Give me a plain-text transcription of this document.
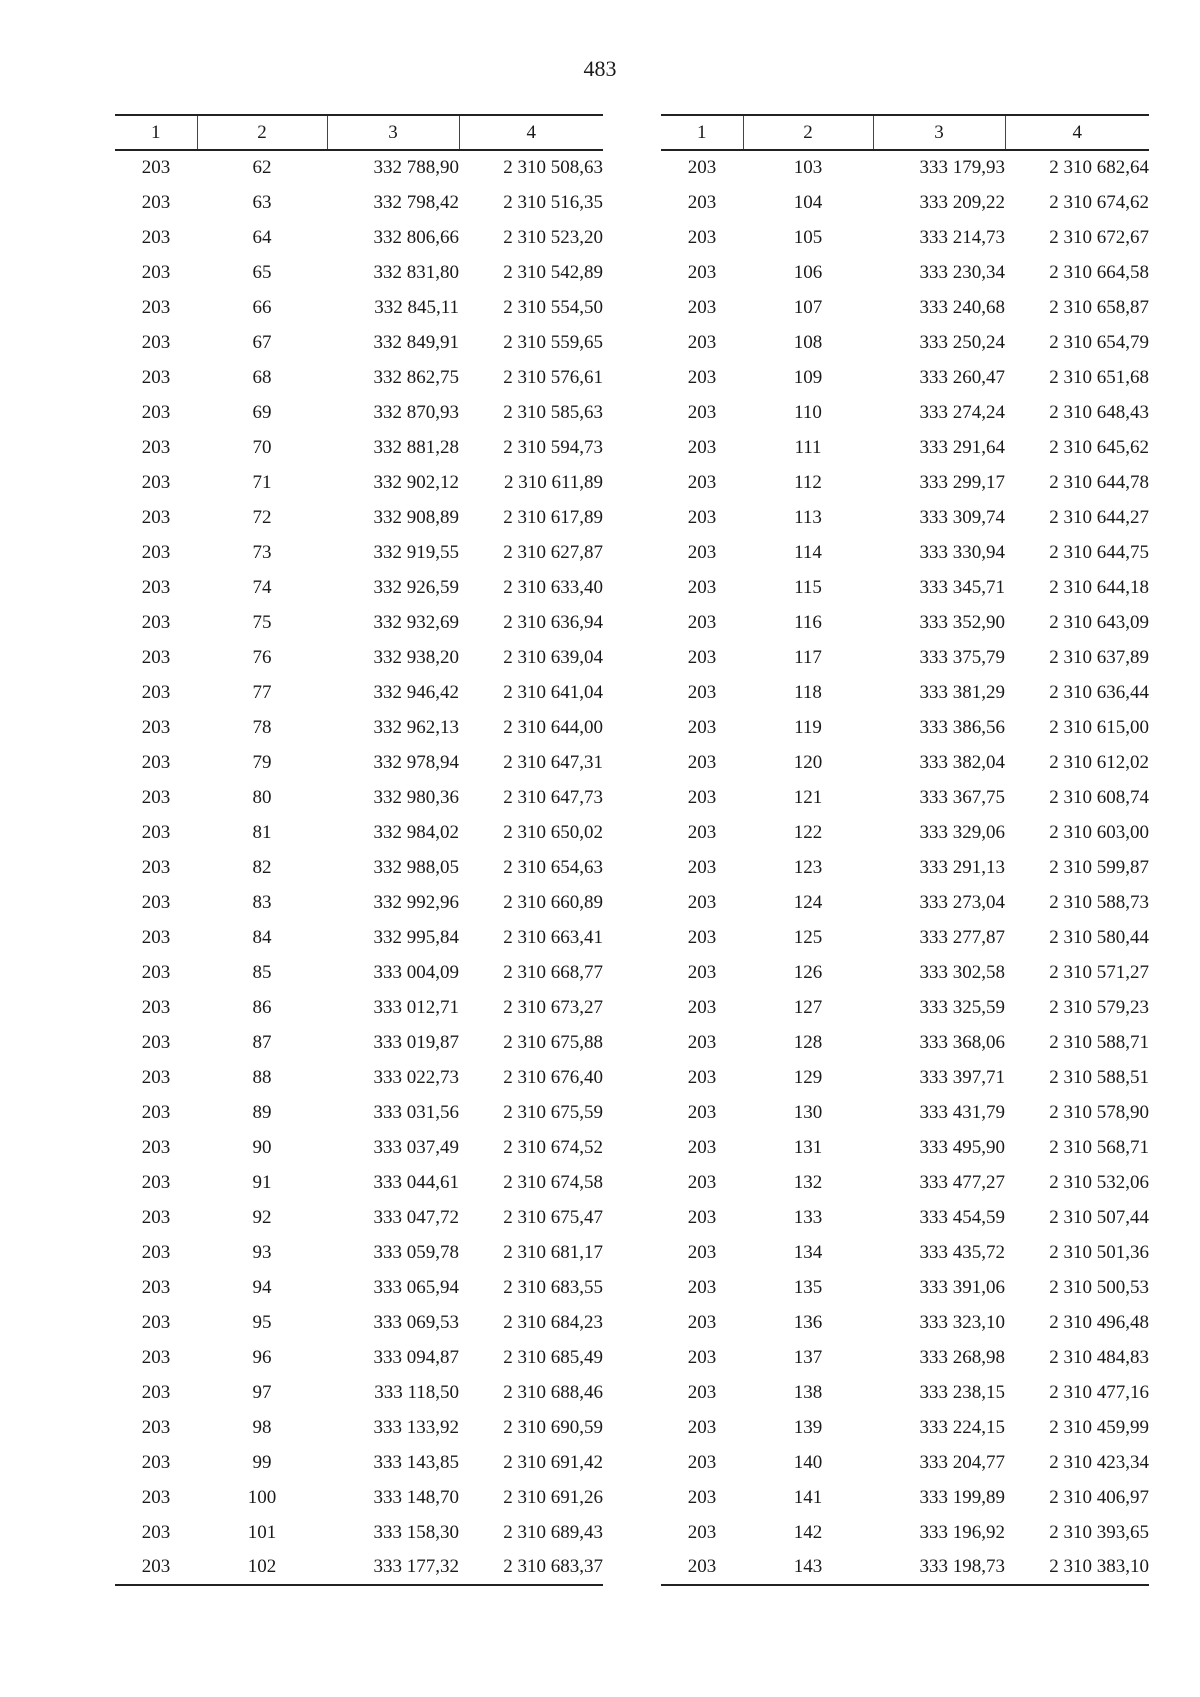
483
1	2	3	4
203	62	332 788,90	2 310 508,63
203	63	332 798,42	2 310 516,35
203	64	332 806,66	2 310 523,20
203	65	332 831,80	2 310 542,89
203	66	332 845,11	2 310 554,50
203	67	332 849,91	2 310 559,65
203	68	332 862,75	2 310 576,61
203	69	332 870,93	2 310 585,63
203	70	332 881,28	2 310 594,73
203	71	332 902,12	2 310 611,89
203	72	332 908,89	2 310 617,89
203	73	332 919,55	2 310 627,87
203	74	332 926,59	2 310 633,40
203	75	332 932,69	2 310 636,94
203	76	332 938,20	2 310 639,04
203	77	332 946,42	2 310 641,04
203	78	332 962,13	2 310 644,00
203	79	332 978,94	2 310 647,31
203	80	332 980,36	2 310 647,73
203	81	332 984,02	2 310 650,02
203	82	332 988,05	2 310 654,63
203	83	332 992,96	2 310 660,89
203	84	332 995,84	2 310 663,41
203	85	333 004,09	2 310 668,77
203	86	333 012,71	2 310 673,27
203	87	333 019,87	2 310 675,88
203	88	333 022,73	2 310 676,40
203	89	333 031,56	2 310 675,59
203	90	333 037,49	2 310 674,52
203	91	333 044,61	2 310 674,58
203	92	333 047,72	2 310 675,47
203	93	333 059,78	2 310 681,17
203	94	333 065,94	2 310 683,55
203	95	333 069,53	2 310 684,23
203	96	333 094,87	2 310 685,49
203	97	333 118,50	2 310 688,46
203	98	333 133,92	2 310 690,59
203	99	333 143,85	2 310 691,42
203	100	333 148,70	2 310 691,26
203	101	333 158,30	2 310 689,43
203	102	333 177,32	2 310 683,37
1	2	3	4
203	103	333 179,93	2 310 682,64
203	104	333 209,22	2 310 674,62
203	105	333 214,73	2 310 672,67
203	106	333 230,34	2 310 664,58
203	107	333 240,68	2 310 658,87
203	108	333 250,24	2 310 654,79
203	109	333 260,47	2 310 651,68
203	110	333 274,24	2 310 648,43
203	111	333 291,64	2 310 645,62
203	112	333 299,17	2 310 644,78
203	113	333 309,74	2 310 644,27
203	114	333 330,94	2 310 644,75
203	115	333 345,71	2 310 644,18
203	116	333 352,90	2 310 643,09
203	117	333 375,79	2 310 637,89
203	118	333 381,29	2 310 636,44
203	119	333 386,56	2 310 615,00
203	120	333 382,04	2 310 612,02
203	121	333 367,75	2 310 608,74
203	122	333 329,06	2 310 603,00
203	123	333 291,13	2 310 599,87
203	124	333 273,04	2 310 588,73
203	125	333 277,87	2 310 580,44
203	126	333 302,58	2 310 571,27
203	127	333 325,59	2 310 579,23
203	128	333 368,06	2 310 588,71
203	129	333 397,71	2 310 588,51
203	130	333 431,79	2 310 578,90
203	131	333 495,90	2 310 568,71
203	132	333 477,27	2 310 532,06
203	133	333 454,59	2 310 507,44
203	134	333 435,72	2 310 501,36
203	135	333 391,06	2 310 500,53
203	136	333 323,10	2 310 496,48
203	137	333 268,98	2 310 484,83
203	138	333 238,15	2 310 477,16
203	139	333 224,15	2 310 459,99
203	140	333 204,77	2 310 423,34
203	141	333 199,89	2 310 406,97
203	142	333 196,92	2 310 393,65
203	143	333 198,73	2 310 383,10
